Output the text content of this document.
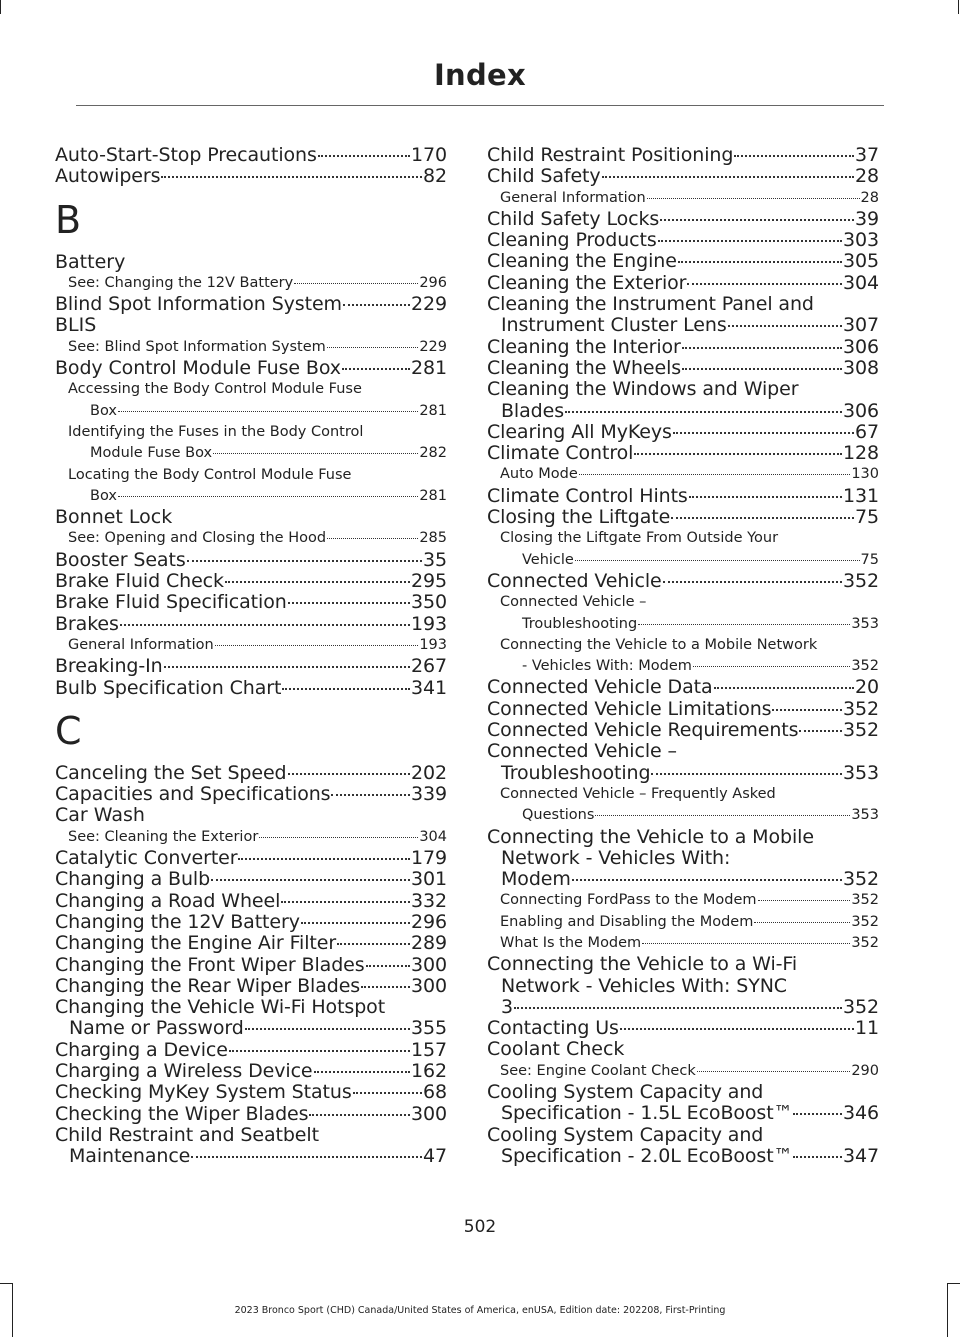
Index
Auto-Start-Stop Precautions	170
Autowipers	82
B
Battery
See: Changing the 12V Battery	296
Blind Spot Information System	229
BLIS
See: Blind Spot Information System	229
Body Control Module Fuse Box	281
Accessing the Body Control Module Fuse
Box	281
Identifying the Fuses in the Body Control
Module Fuse Box	282
Locating the Body Control Module Fuse
Box	281
Bonnet Lock
See: Opening and Closing the Hood	285
Booster Seats	35
Brake Fluid Check	295
Brake Fluid Specification	350
Brakes	193
General Information	193
Breaking-In	267
Bulb Specification Chart	341
C
Canceling the Set Speed	202
Capacities and Specifications	339
Car Wash
See: Cleaning the Exterior	304
Catalytic Converter	179
Changing a Bulb	301
Changing a Road Wheel	332
Changing the 12V Battery	296
Changing the Engine Air Filter	289
Changing the Front Wiper Blades 300
Changing the Rear Wiper Blades	300
Changing the Vehicle Wi-Fi Hotspot
Name or Password	355
Charging a Device	157
Charging a Wireless Device	162
Checking MyKey System Status	68
Checking the Wiper Blades	300
Child Restraint and Seatbelt
Maintenance	47
Child Restraint Positioning	37
Child Safety	28
General Information	28
Child Safety Locks	39
Cleaning Products	303
Cleaning the Engine	305
Cleaning the Exterior	304
Cleaning the Instrument Panel and
Instrument Cluster Lens	307
Cleaning the Interior	306
Cleaning the Wheels	308
Cleaning the Windows and Wiper
Blades	306
Clearing All MyKeys	67
Climate Control	128
Auto Mode	130
Climate Control Hints	131
Closing the Liftgate	75
Closing the Liftgate From Outside Your
Vehicle	75
Connected Vehicle	352
Connected Vehicle –
Troubleshooting	353
Connecting the Vehicle to a Mobile Network
- Vehicles With: Modem	352
Connected Vehicle Data	20
Connected Vehicle Limitations	352
Connected Vehicle Requirements 352
Connected Vehicle –
Troubleshooting	353
Connected Vehicle – Frequently Asked
Questions	353
Connecting the Vehicle to a Mobile
Network - Vehicles With:
Modem	352
Connecting FordPass to the Modem	352
Enabling and Disabling the Modem	352
What Is the Modem	352
Connecting the Vehicle to a Wi-Fi
Network - Vehicles With: SYNC
3	352
Contacting Us	11
Coolant Check
See: Engine Coolant Check	290
Cooling System Capacity and
Specification - 1.5L EcoBoost™	346
Cooling System Capacity and
Specification - 2.0L EcoBoost™	347
502
2023 Bronco Sport (CHD) Canada/United States of America, enUSA, Edition date: 202208, First-Printing
